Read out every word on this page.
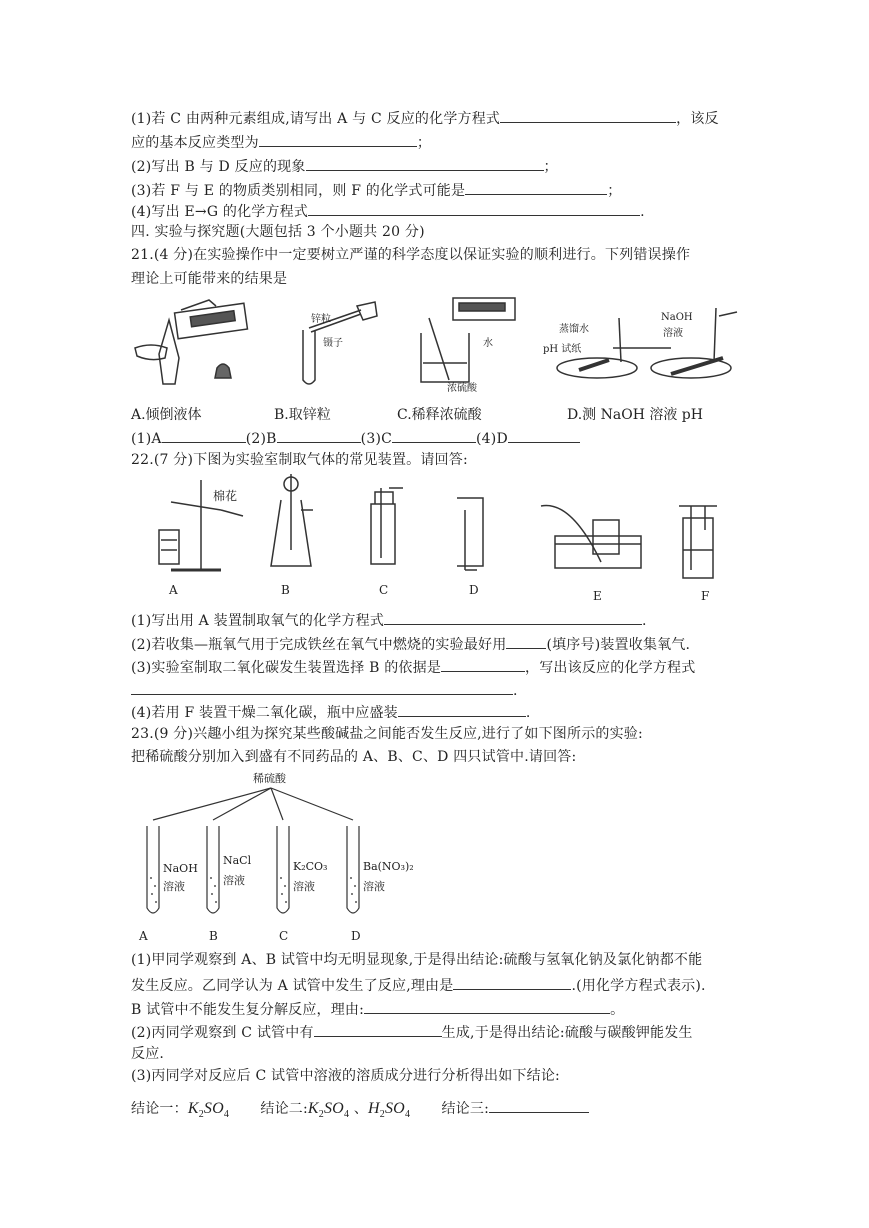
(1)若 C 由两种元素组成,请写出 A 与 C 反应的化学方程式	，该反
应的基本反应类型为	；
(2)写出 B 与 D 反应的现象	；
(3)若 F 与 E 的物质类别相同，则 F 的化学式可能是	；
(4)写出 E→G 的化学方程式	.
四. 实验与探究题(大题包括 3 个小题共 20 分)
21.(4 分)在实验操作中一定要树立严谨的科学态度以保证实验的顺利进行。下列错误操作
理论上可能带来的结果是
锌粒
镊子	水
浓硫酸
蒸馏水
pH 试纸
NaOH
溶液
A.倾倒液体	B.取锌粒	C.稀释浓硫酸	D.测 NaOH 溶液 pH
(1)A	(2)B	(3)C	(4)D
22.(7 分)下图为实验室制取气体的常见装置。请回答:
棉花
A	B	C	D	E	F
(1)写出用 A 装置制取氧气的化学方程式	.
(2)若收集—瓶氧气用于完成铁丝在氧气中燃烧的实验最好用	(填序号)装置收集氧气.
(3)实验室制取二氧化碳发生装置选择 B 的依据是	，写出该反应的化学方程式
.
(4)若用 F 装置干燥二氧化碳，瓶中应盛装	.
23.(9 分)兴趣小组为探究某些酸碱盐之间能否发生反应,进行了如下图所示的实验:
把稀硫酸分别加入到盛有不同药品的 A、B、C、D 四只试管中.请回答:
稀硫酸
NaOH
溶液
NaCl
溶液
K₂CO₃
溶液
Ba(NO₃)₂
溶液
A	B	C	D
(1)甲同学观察到 A、B 试管中均无明显现象,于是得出结论:硫酸与氢氧化钠及氯化钠都不能
发生反应。乙同学认为 A 试管中发生了反应,理由是	.(用化学方程式表示).
B 试管中不能发生复分解反应，理由:	。
(2)丙同学观察到 C 试管中有	生成,于是得出结论:硫酸与碳酸钾能发生
反应.
(3)丙同学对反应后 C 试管中溶液的溶质成分进行分析得出如下结论:
结论一：$K_2SO_4$ 结论二$:K_2SO_4$ 、$H_2SO_4$ 结论三:
